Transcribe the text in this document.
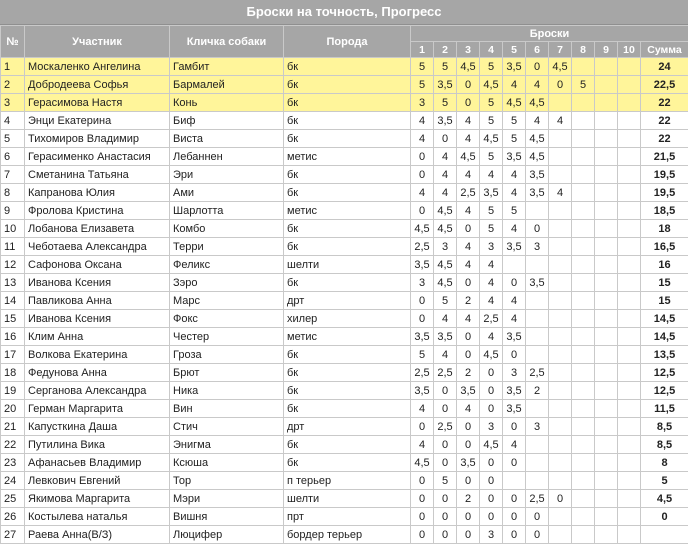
Броски на точность, Прогресс
№	Участник	Кличка собаки	Порода	Броски										
				1	2	3	4	5	6	7	8	9	10	Сумма
1	Москаленко Ангелина	Гамбит	бк	5	5	4,5	5	3,5	0	4,5				24
2	Добродеева Софья	Бармалей	бк	5	3,5	0	4,5	4	4	0	5			22,5
3	Герасимова Настя	Конь	бк	3	5	0	5	4,5	4,5					22
4	Энци Екатерина	Биф	бк	4	3,5	4	5	5	4	4				22
5	Тихомиров Владимир	Виста	бк	4	0	4	4,5	5	4,5					22
6	Герасименко Анастасия	Лебаннен	метис	0	4	4,5	5	3,5	4,5					21,5
7	Сметанина Татьяна	Эри	бк	0	4	4	4	4	3,5					19,5
8	Капранова Юлия	Ами	бк	4	4	2,5	3,5	4	3,5	4				19,5
9	Фролова Кристина	Шарлотта	метис	0	4,5	4	5	5						18,5
10	Лобанова Елизавета	Комбо	бк	4,5	4,5	0	5	4	0					18
11	Чеботаева Александра	Терри	бк	2,5	3	4	3	3,5	3					16,5
12	Сафонова Оксана	Феликс	шелти	3,5	4,5	4	4							16
13	Иванова Ксения	Зэро	бк	3	4,5	0	4	0	3,5					15
14	Павликова Анна	Марс	дрт	0	5	2	4	4						15
15	Иванова Ксения	Фокс	хилер	0	4	4	2,5	4						14,5
16	Клим Анна	Честер	метис	3,5	3,5	0	4	3,5						14,5
17	Волкова Екатерина	Гроза	бк	5	4	0	4,5	0						13,5
18	Федунова Анна	Брют	бк	2,5	2,5	2	0	3	2,5					12,5
19	Серганова Александра	Ника	бк	3,5	0	3,5	0	3,5	2					12,5
20	Герман Маргарита	Вин	бк	4	0	4	0	3,5						11,5
21	Капусткина Даша	Стич	дрт	0	2,5	0	3	0	3					8,5
22	Путилина Вика	Энигма	бк	4	0	0	4,5	4						8,5
23	Афанасьев Владимир	Ксюша	бк	4,5	0	3,5	0	0						8
24	Левкович Евгений	Тор	п терьер	0	5	0	0							5
25	Якимова Маргарита	Мэри	шелти	0	0	2	0	0	2,5	0				4,5
26	Костылева наталья	Вишня	прт	0	0	0	0	0	0					0
27	Раева Анна(В/З)	Люцифер	бордер терьер	0	0	0	3	0	0					
